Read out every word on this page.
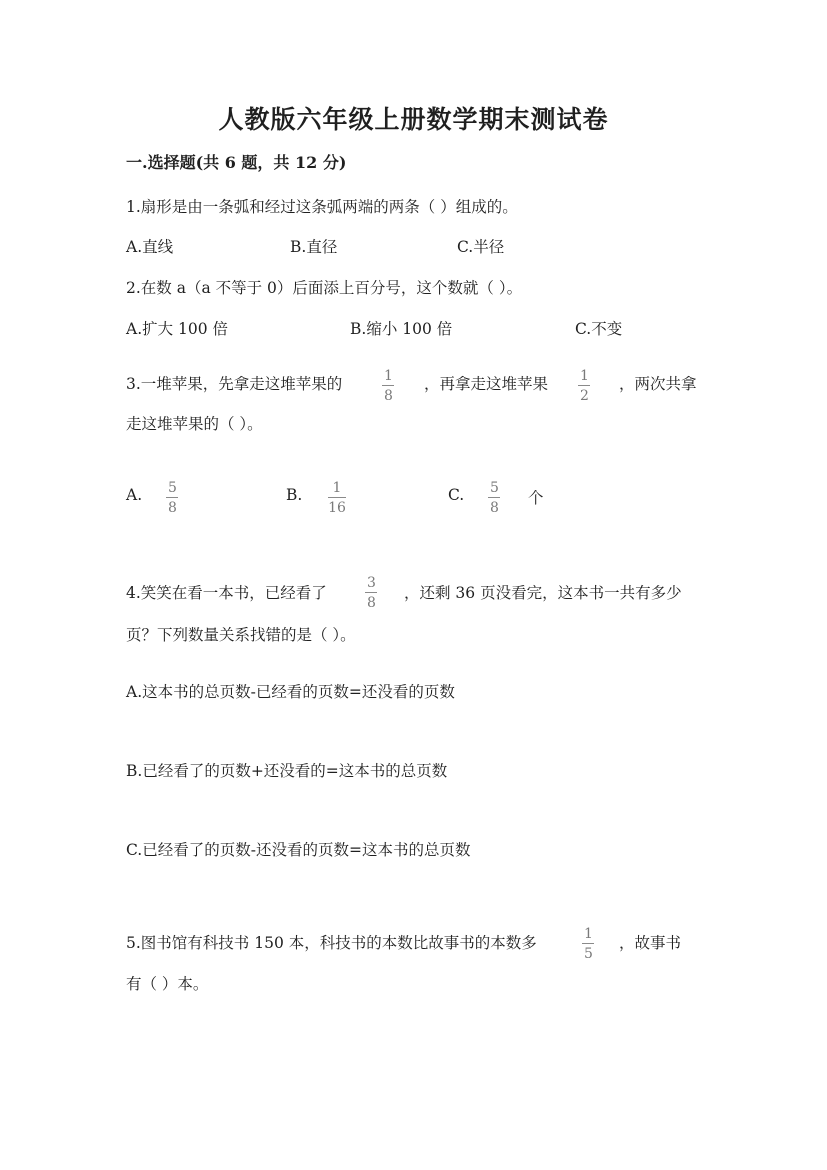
人教版六年级上册数学期末测试卷
一.选择题(共 6 题，共 12 分)
1.扇形是由一条弧和经过这条弧两端的两条（ ）组成的。
A.直线	B.直径	C.半径
2.在数 a（a 不等于 0）后面添上百分号，这个数就（ ）。
A.扩大 100 倍	B.缩小 100 倍	C.不变
3.一堆苹果，先拿走这堆苹果的	1
8
，再拿走这堆苹果 1
2
，两次共拿
走这堆苹果的（ ）。
A. 5
8
B. 1
16
C. 5
8
个
4.笑笑在看一本书，已经看了
3
8
，还剩 36 页没看完，这本书一共有多少
页？下列数量关系找错的是（ ）。
A.这本书的总页数-已经看的页数=还没看的页数
B.已经看了的页数+还没看的=这本书的总页数
C.已经看了的页数-还没看的页数=这本书的总页数
5.图书馆有科技书 150 本，科技书的本数比故事书的本数多	1
5
，故事书
有（ ）本。
